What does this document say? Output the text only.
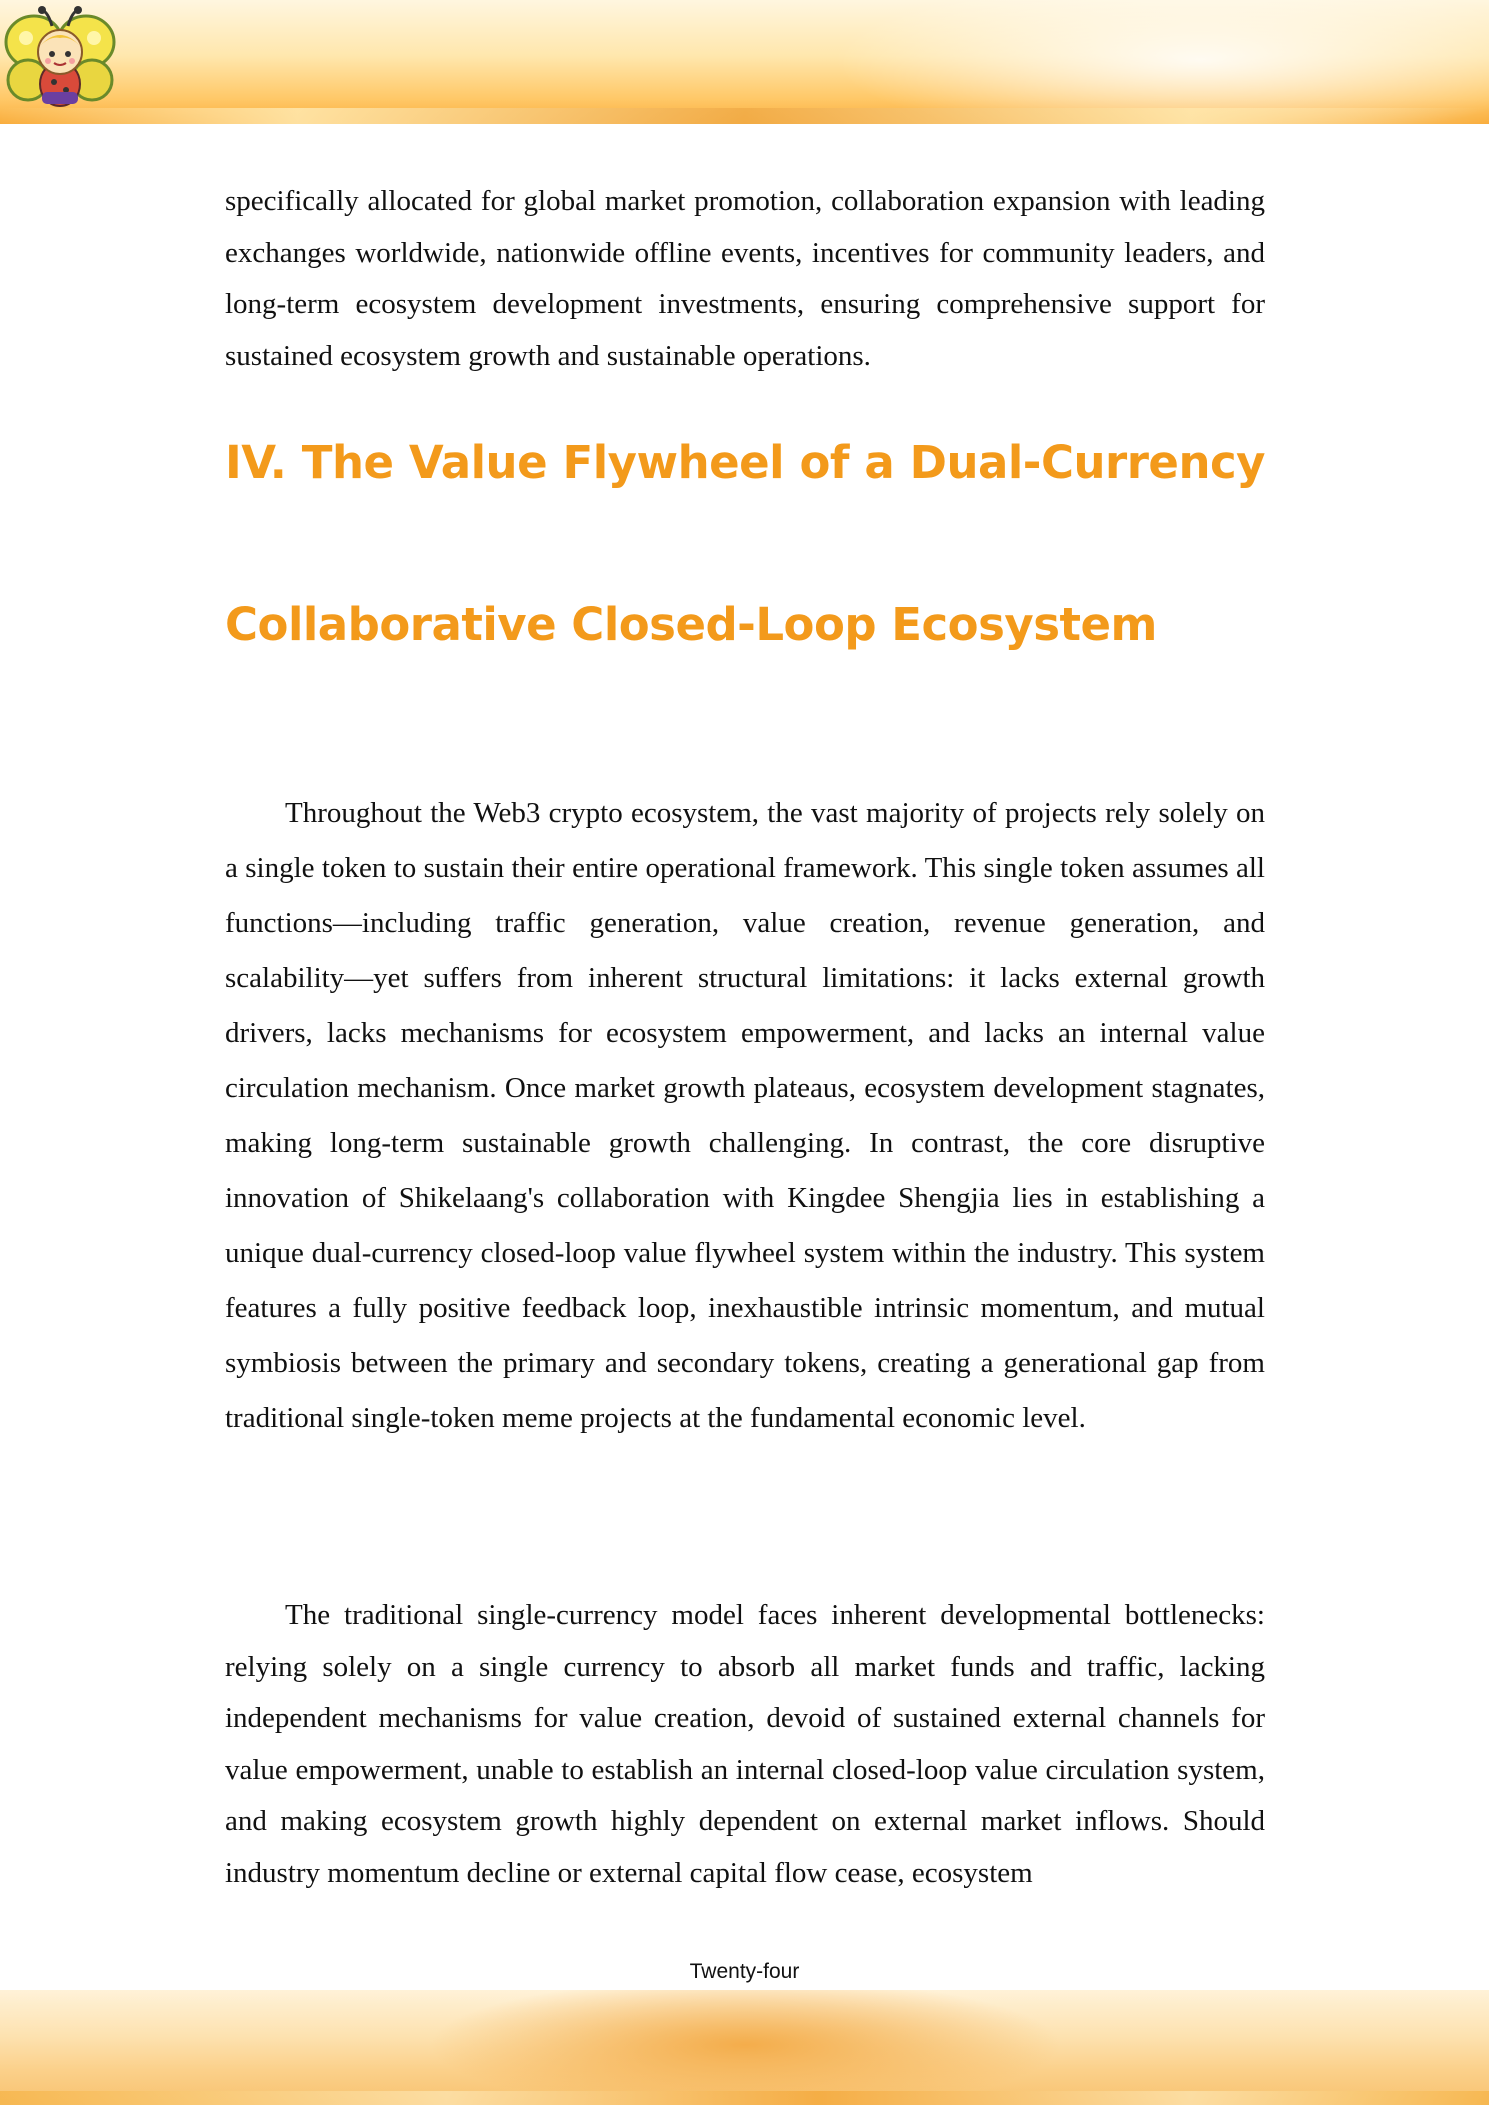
specifically allocated for global market promotion, collaboration expansion with leading exchanges worldwide, nationwide offline events, incentives for community leaders, and long-term ecosystem development investments, ensuring comprehensive support for sustained ecosystem growth and sustainable operations.

IV. The Value Flywheel of a Dual-Currency
Collaborative Closed-Loop Ecosystem

Throughout the Web3 crypto ecosystem, the vast majority of projects rely solely on a single token to sustain their entire operational framework. This single token assumes all functions—including traffic generation, value creation, revenue generation, and scalability—yet suffers from inherent structural limitations: it lacks external growth drivers, lacks mechanisms for ecosystem empowerment, and lacks an internal value circulation mechanism. Once market growth plateaus, ecosystem development stagnates, making long-term sustainable growth challenging. In contrast, the core disruptive innovation of Shikelaang's collaboration with Kingdee Shengjia lies in establishing a unique dual-currency closed-loop value flywheel system within the industry. This system features a fully positive feedback loop, inexhaustible intrinsic momentum, and mutual symbiosis between the primary and secondary tokens, creating a generational gap from traditional single-token meme projects at the fundamental economic level.

The traditional single-currency model faces inherent developmental bottlenecks: relying solely on a single currency to absorb all market funds and traffic, lacking independent mechanisms for value creation, devoid of sustained external channels for value empowerment, unable to establish an internal closed-loop value circulation system, and making ecosystem growth highly dependent on external market inflows. Should industry momentum decline or external capital flow cease, ecosystem

Twenty-four
